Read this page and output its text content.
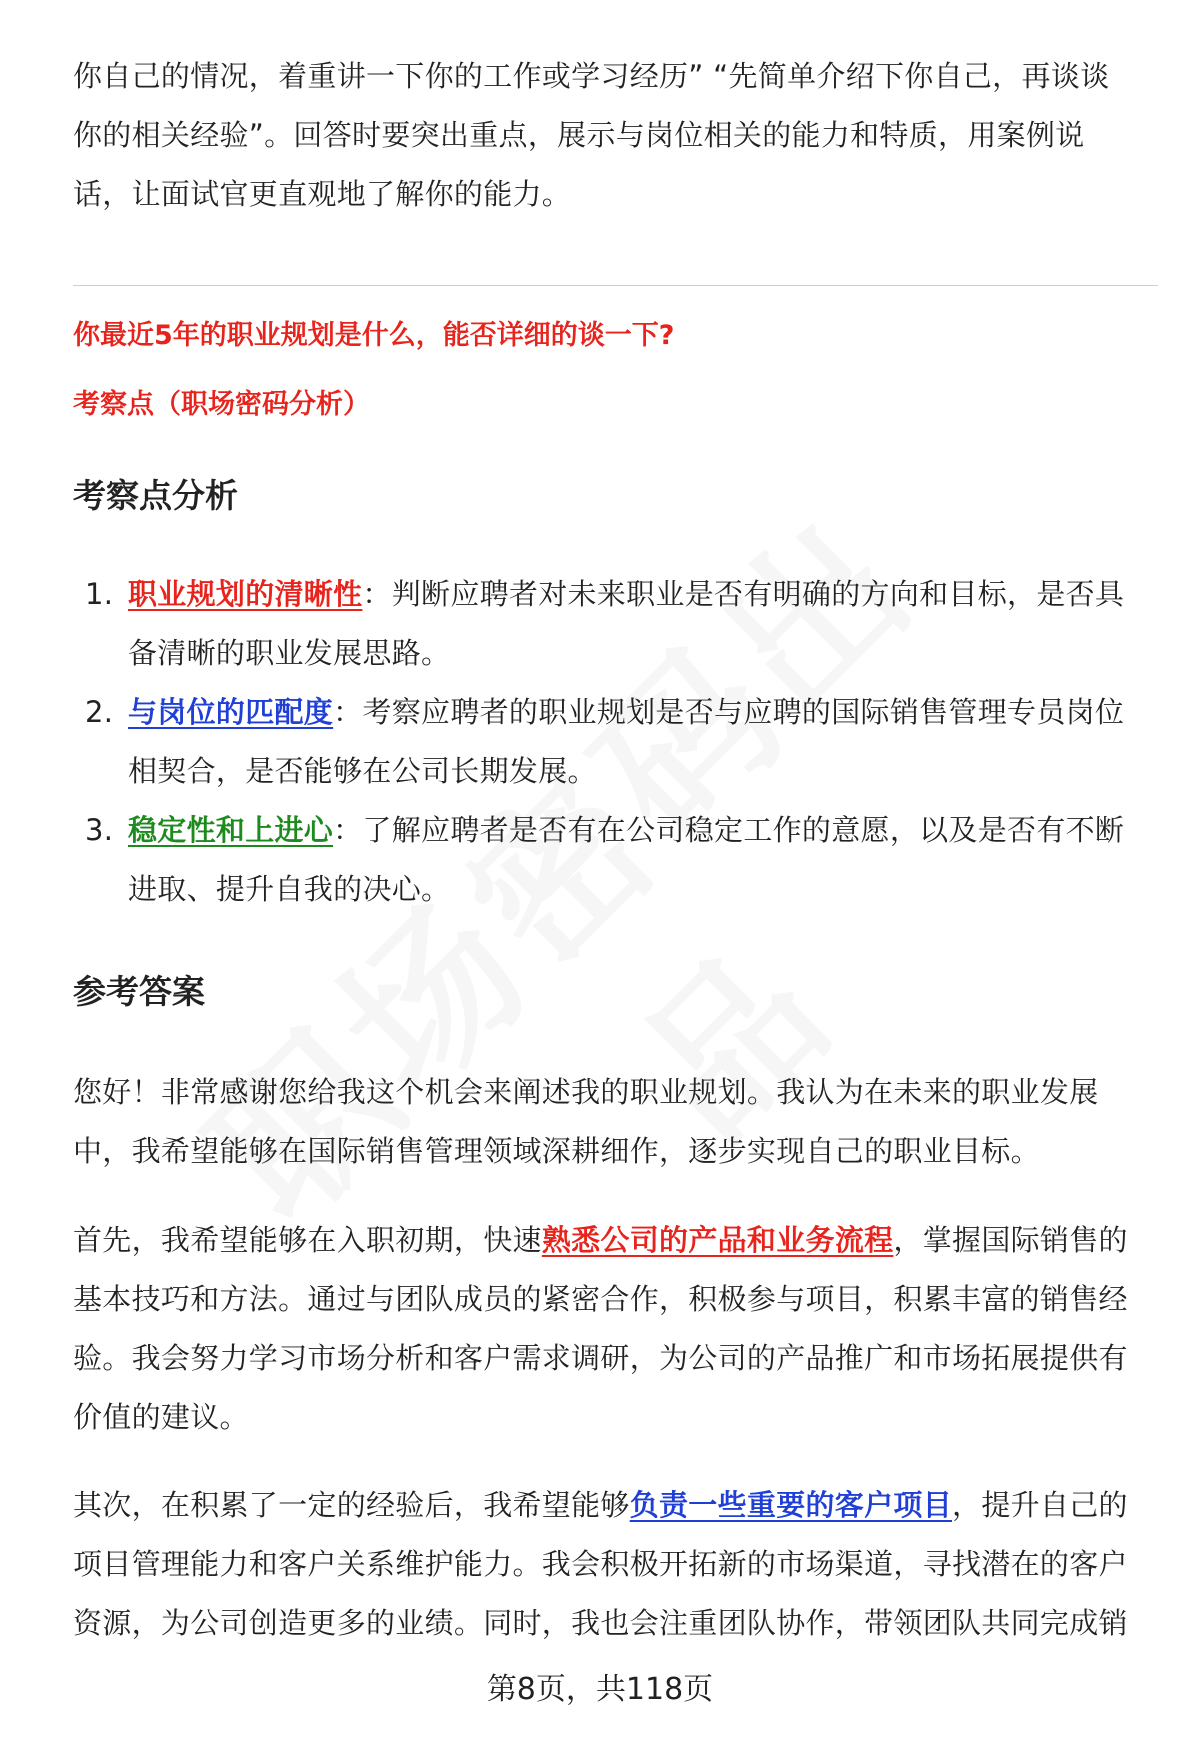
你自己的情况，着重讲一下你的工作或学习经历” “先简单介绍下你自己，再谈谈
你的相关经验”。回答时要突出重点，展示与岗位相关的能力和特质，用案例说
话，让面试官更直观地了解你的能力。

你最近5年的职业规划是什么，能否详细的谈一下?

考察点（职场密码分析）

考察点分析
1. 职业规划的清晰性：判断应聘者对未来职业是否有明确的方向和目标，是否具
备清晰的职业发展思路。
2. 与岗位的匹配度：考察应聘者的职业规划是否与应聘的国际销售管理专员岗位
相契合，是否能够在公司长期发展。
3. 稳定性和上进心：了解应聘者是否有在公司稳定工作的意愿，以及是否有不断
进取、提升自我的决心。
参考答案
您好！非常感谢您给我这个机会来阐述我的职业规划。我认为在未来的职业发展
中，我希望能够在国际销售管理领域深耕细作，逐步实现自己的职业目标。
首先，我希望能够在入职初期，快速熟悉公司的产品和业务流程，掌握国际销售的
基本技巧和方法。通过与团队成员的紧密合作，积极参与项目，积累丰富的销售经
验。我会努力学习市场分析和客户需求调研，为公司的产品推广和市场拓展提供有
价值的建议。
其次，在积累了一定的经验后，我希望能够负责一些重要的客户项目，提升自己的
项目管理能力和客户关系维护能力。我会积极开拓新的市场渠道，寻找潜在的客户
资源，为公司创造更多的业绩。同时，我也会注重团队协作，带领团队共同完成销
第8页，共118页
